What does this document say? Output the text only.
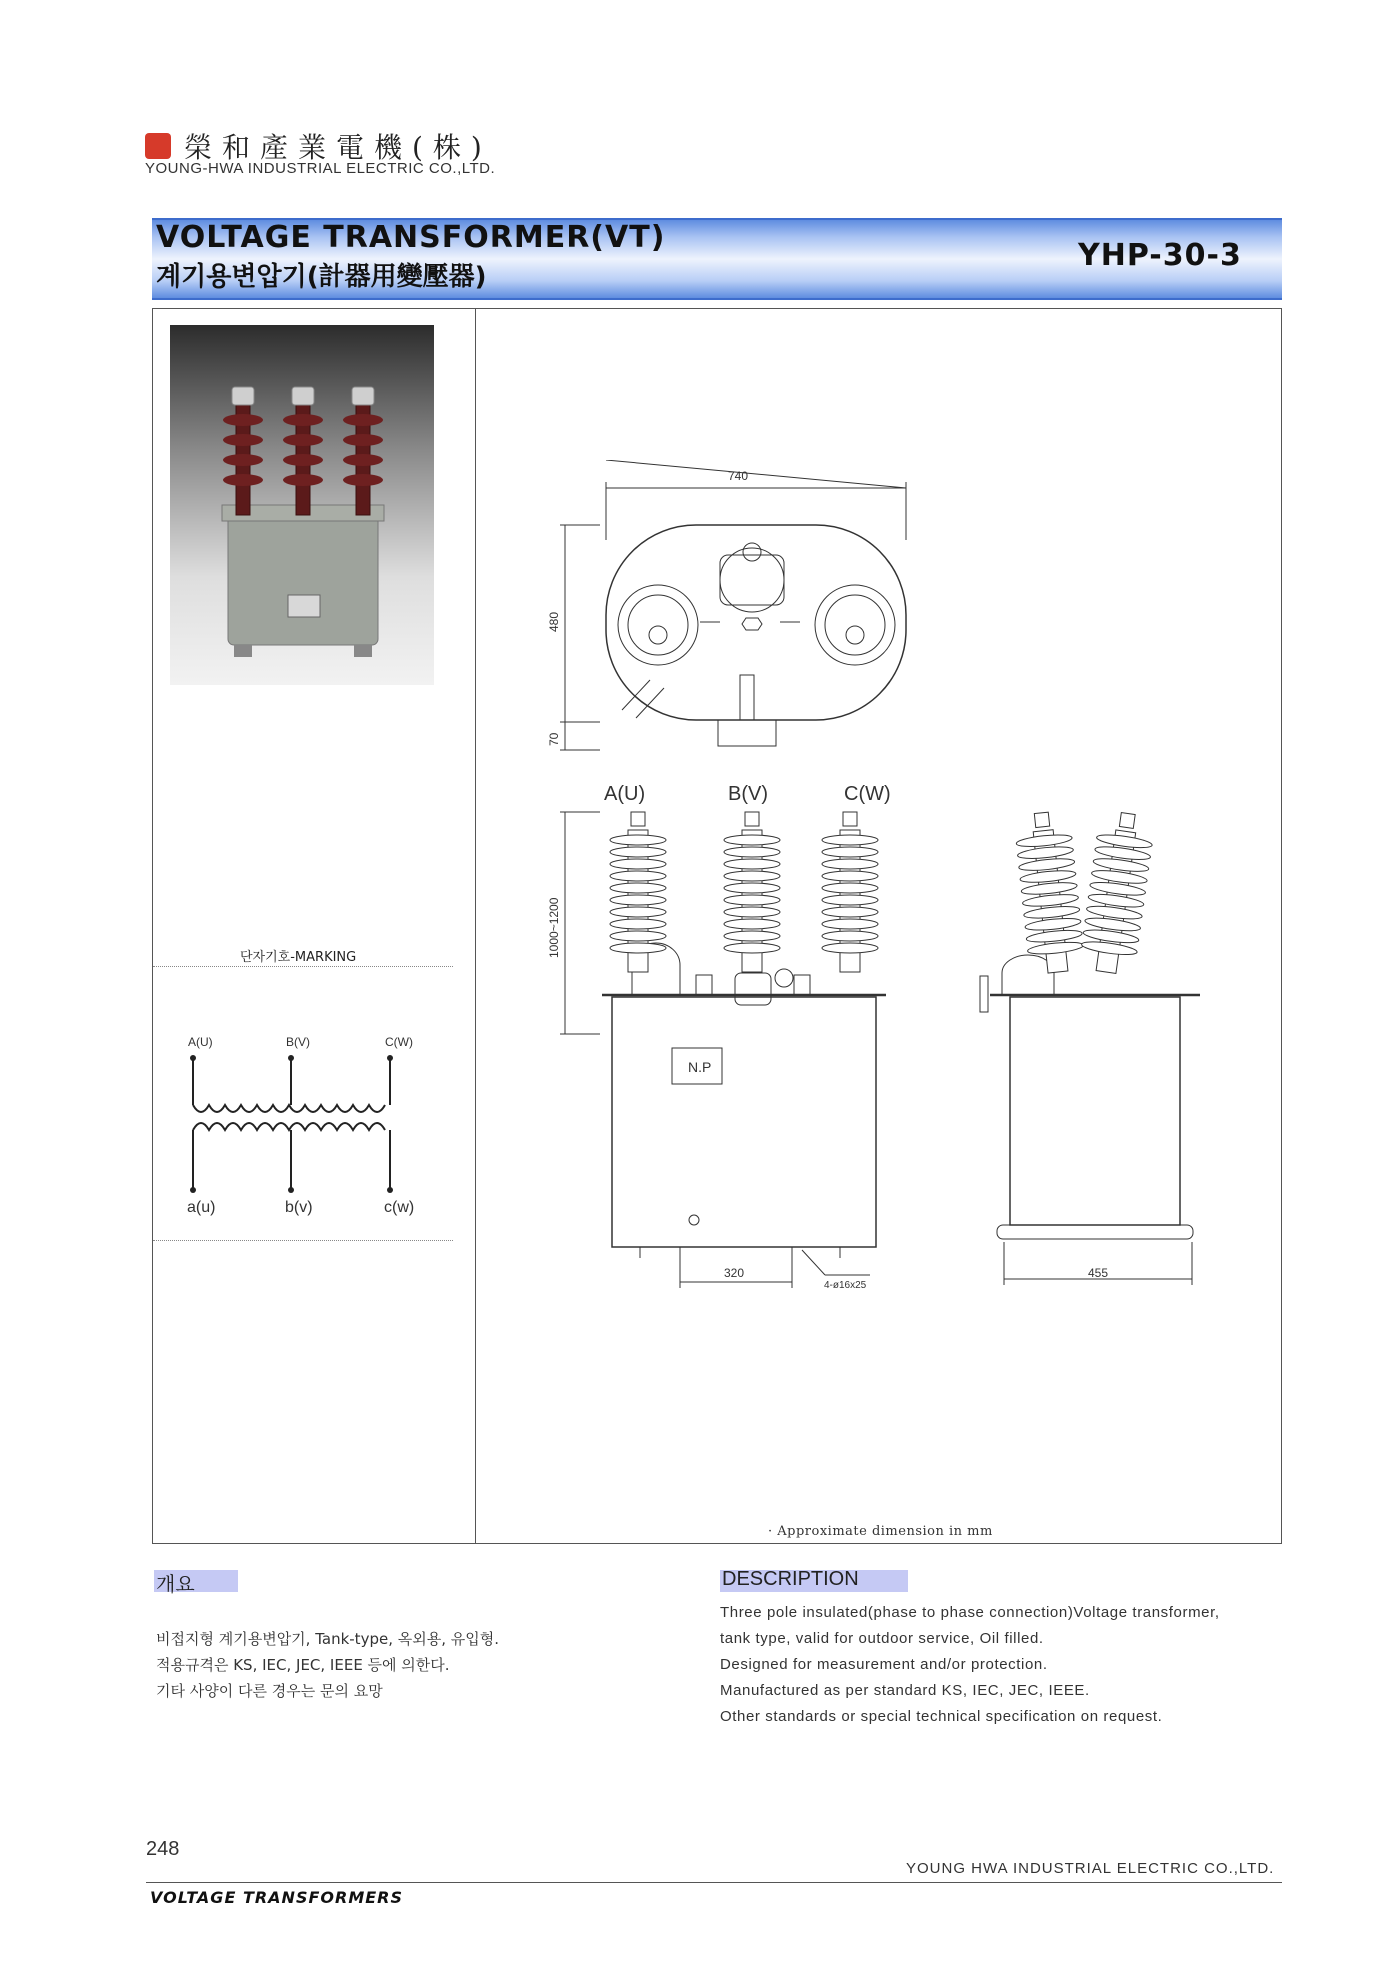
榮和產業電機(株)
YOUNG-HWA INDUSTRIAL ELECTRIC CO.,LTD.
VOLTAGE TRANSFORMER(VT)
계기용변압기(計器用變壓器)
YHP-30-3
단자기호-MARKING
A(U)	B(V)	C(W)
a(u)	b(v)	c(w)
740
480
70
1000~1200
320
4-ø16x25
N.P
A(U)	B(V)	C(W)
455
· Approximate dimension in mm
개요
비접지형 계기용변압기, Tank-type, 옥외용, 유입형.
적용규격은 KS, IEC, JEC, IEEE 등에 의한다.
기타 사양이 다른 경우는 문의 요망
DESCRIPTION
Three pole insulated(phase to phase connection)Voltage transformer,
tank type, valid for outdoor service, Oil filled.
Designed for measurement and/or protection.
Manufactured as per standard KS, IEC, JEC, IEEE.
Other standards or special technical specification on request.
248
YOUNG HWA INDUSTRIAL ELECTRIC CO.,LTD.
VOLTAGE TRANSFORMERS
